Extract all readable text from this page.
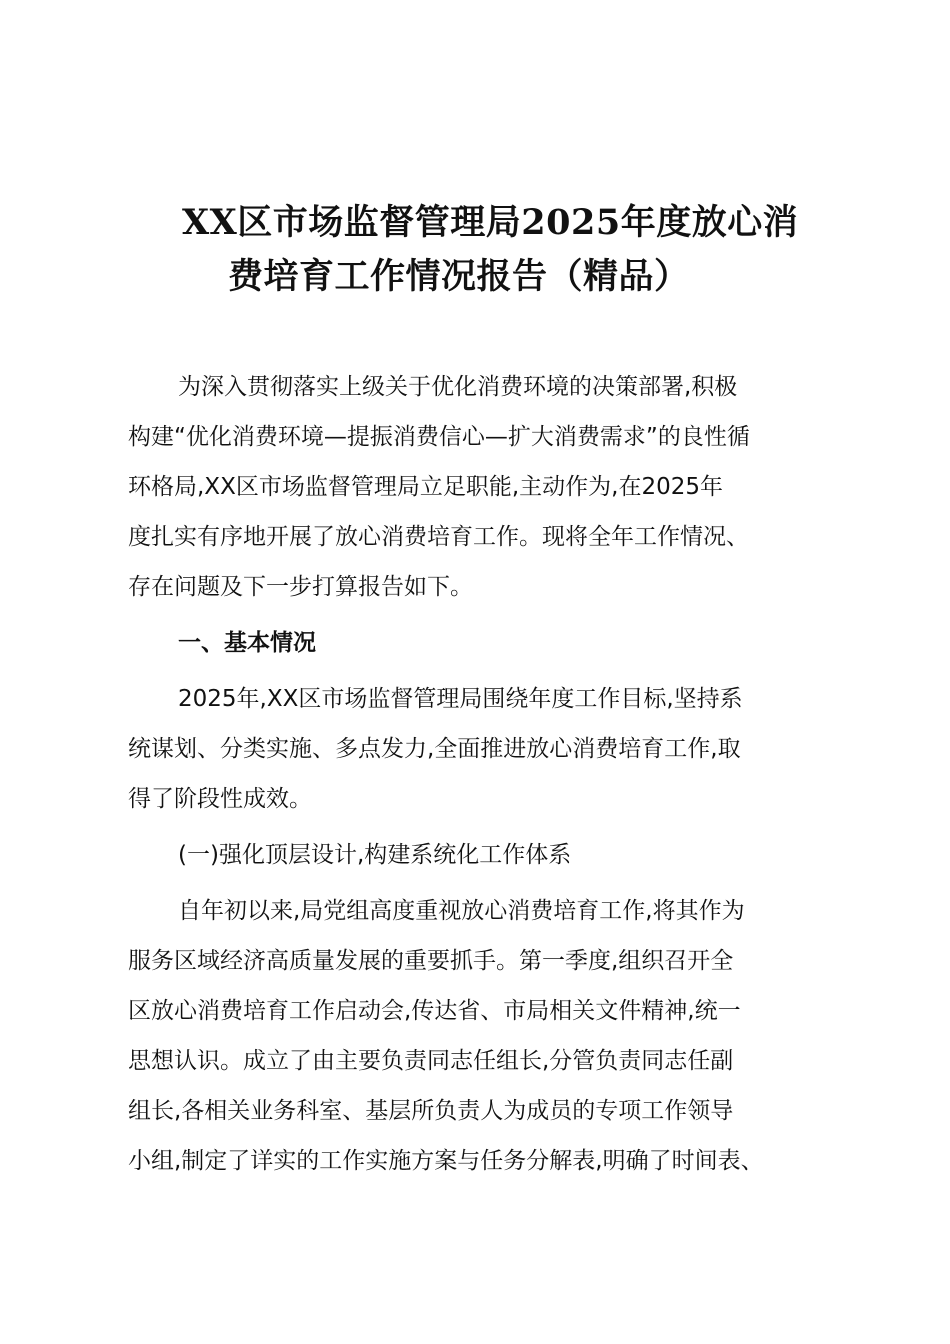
XX区市场监督管理局2025年度放心消
费培育工作情况报告（精品）
为深入贯彻落实上级关于优化消费环境的决策部署,积极
构建“优化消费环境—提振消费信心—扩大消费需求”的良性循
环格局,XX区市场监督管理局立足职能,主动作为,在2025年
度扎实有序地开展了放心消费培育工作。现将全年工作情况、
存在问题及下一步打算报告如下。
一、基本情况
2025年,XX区市场监督管理局围绕年度工作目标,坚持系
统谋划、分类实施、多点发力,全面推进放心消费培育工作,取
得了阶段性成效。
(一)强化顶层设计,构建系统化工作体系
自年初以来,局党组高度重视放心消费培育工作,将其作为
服务区域经济高质量发展的重要抓手。第一季度,组织召开全
区放心消费培育工作启动会,传达省、市局相关文件精神,统一
思想认识。成立了由主要负责同志任组长,分管负责同志任副
组长,各相关业务科室、基层所负责人为成员的专项工作领导
小组,制定了详实的工作实施方案与任务分解表,明确了时间表、
